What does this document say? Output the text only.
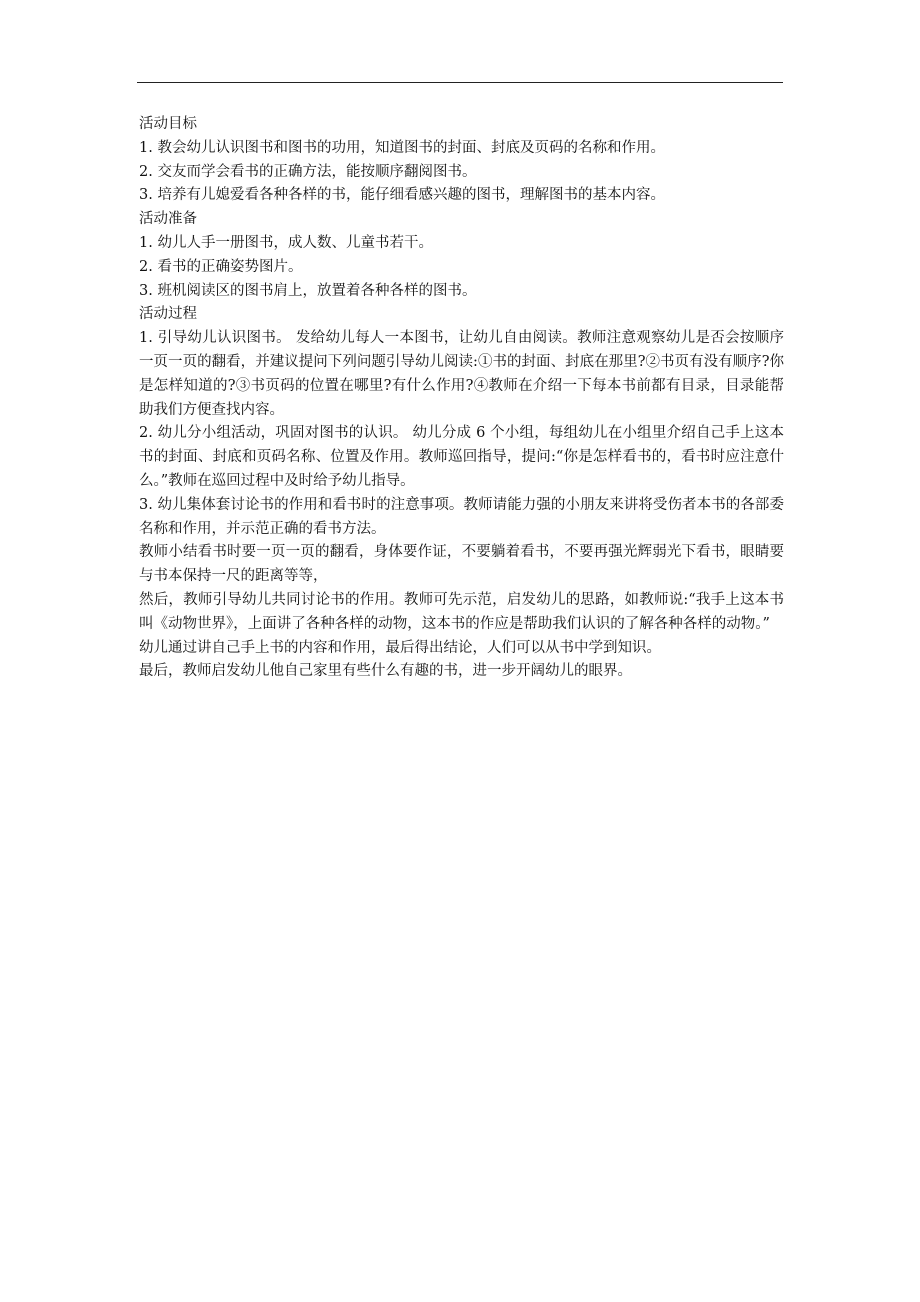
活动目标

1. 教会幼儿认识图书和图书的功用，知道图书的封面、封底及页码的名称和作用。

2. 交友而学会看书的正确方法，能按顺序翻阅图书。

3. 培养有儿媳爱看各种各样的书，能仔细看感兴趣的图书，理解图书的基本内容。

活动准备

1. 幼儿人手一册图书，成人数、儿童书若干。

2. 看书的正确姿势图片。

3. 班机阅读区的图书肩上，放置着各种各样的图书。

活动过程

1. 引导幼儿认识图书。 发给幼儿每人一本图书，让幼儿自由阅读。教师注意观察幼儿是否会按顺序一页一页的翻看，并建议提问下列问题引导幼儿阅读:①书的封面、封底在那里?②书页有没有顺序?你是怎样知道的?③书页码的位置在哪里?有什么作用?④教师在介绍一下每本书前都有目录，目录能帮助我们方便查找内容。

2. 幼儿分小组活动，巩固对图书的认识。 幼儿分成 6 个小组，每组幼儿在小组里介绍自己手上这本书的封面、封底和页码名称、位置及作用。教师巡回指导，提问:“你是怎样看书的，看书时应注意什么。”教师在巡回过程中及时给予幼儿指导。

3. 幼儿集体套讨论书的作用和看书时的注意事项。教师请能力强的小朋友来讲将受伤者本书的各部委名称和作用，并示范正确的看书方法。

教师小结看书时要一页一页的翻看，身体要作证，不要躺着看书，不要再强光辉弱光下看书，眼睛要与书本保持一尺的距离等等，

然后，教师引导幼儿共同讨论书的作用。教师可先示范，启发幼儿的思路，如教师说:“我手上这本书叫《动物世界》，上面讲了各种各样的动物，这本书的作应是帮助我们认识的了解各种各样的动物。”

幼儿通过讲自己手上书的内容和作用，最后得出结论，人们可以从书中学到知识。

最后，教师启发幼儿他自己家里有些什么有趣的书，进一步开阔幼儿的眼界。
